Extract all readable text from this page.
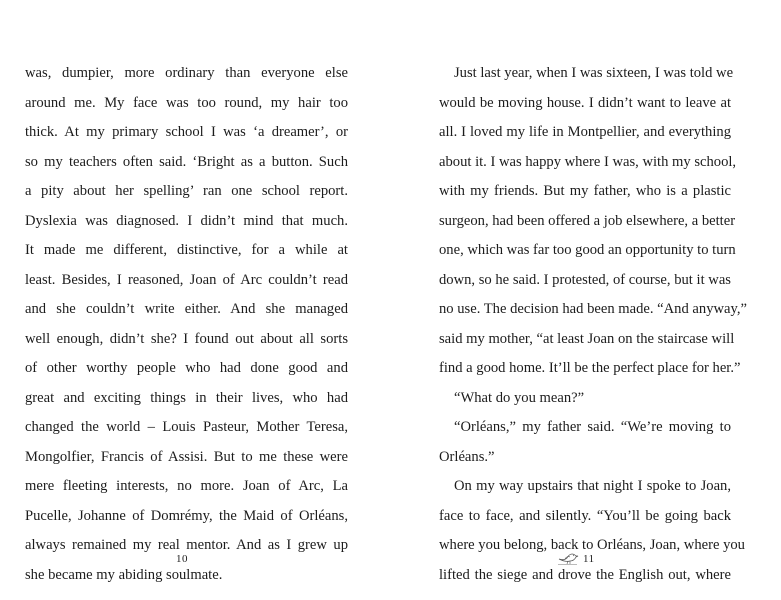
was, dumpier, more ordinary than everyone else
around me. My face was too round, my hair too
thick. At my primary school I was ‘a dreamer’, or
so my teachers often said. ‘Bright as a button. Such
a pity about her spelling’ ran one school report.
Dyslexia was diagnosed. I didn’t mind that much.
It made me different, distinctive, for a while at
least. Besides, I reasoned, Joan of Arc couldn’t read
and she couldn’t write either. And she managed
well enough, didn’t she? I found out about all sorts
of other worthy people who had done good and
great and exciting things in their lives, who had
changed the world – Louis Pasteur, Mother Teresa,
Mongolfier, Francis of Assisi. But to me these were
mere fleeting interests, no more. Joan of Arc, La
Pucelle, Johanne of Domrémy, the Maid of Orléans,
always remained my real mentor. And as I grew up
she became my abiding soulmate.
10
Just last year, when I was sixteen, I was told we
would be moving house. I didn’t want to leave at
all. I loved my life in Montpellier, and everything
about it. I was happy where I was, with my school,
with my friends. But my father, who is a plastic
surgeon, had been offered a job elsewhere, a better
one, which was far too good an opportunity to turn
down, so he said. I protested, of course, but it was
no use. The decision had been made. “And anyway,”
said my mother, “at least Joan on the staircase will
find a good home. It’ll be the perfect place for her.”
“What do you mean?”
“Orléans,” my father said. “We’re moving to
Orléans.”
On my way upstairs that night I spoke to Joan,
face to face, and silently. “You’ll be going back
where you belong, back to Orléans, Joan, where you
lifted the siege and drove the English out, where
11
